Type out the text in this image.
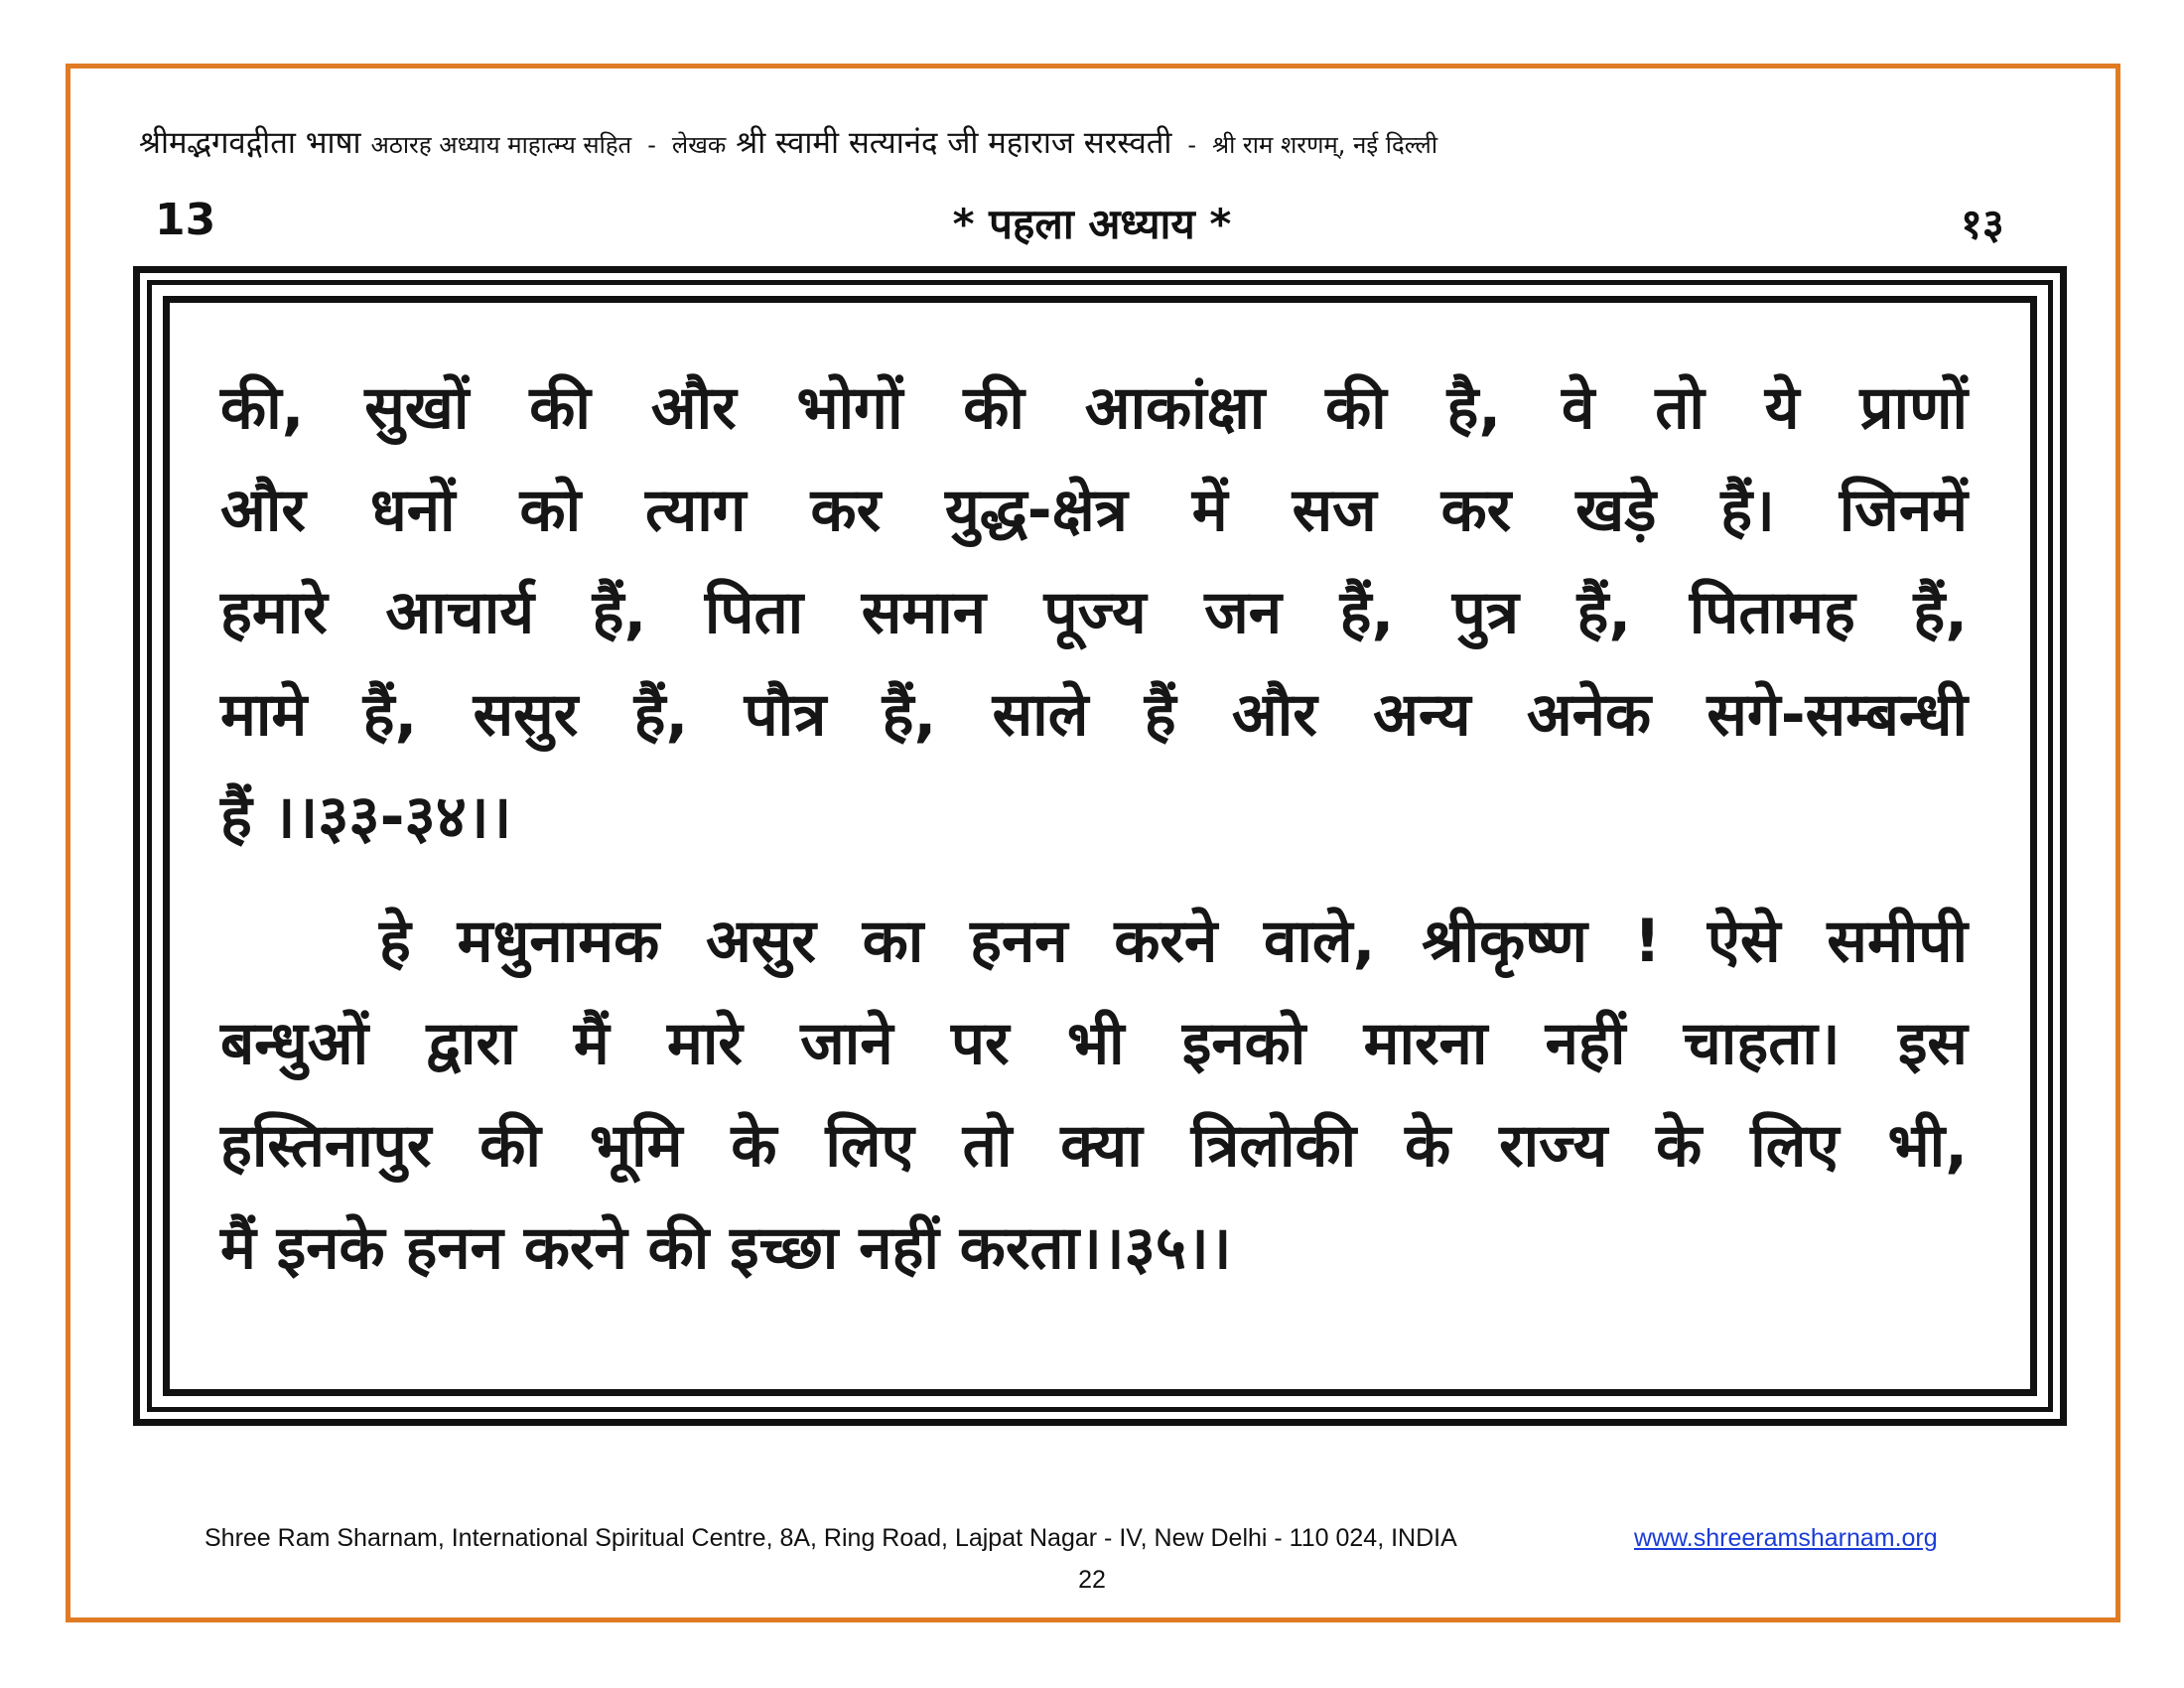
श्रीमद्भगवद्गीता भाषा अठारह अध्याय माहात्म्य सहित - लेखक श्री स्वामी सत्यानंद जी महाराज सरस्वती - श्री राम शरणम्, नई दिल्ली
13	* पहला अध्याय *	१३
की, सुखों की और भोगों की आकांक्षा की है, वे तो ये प्राणों
और धनों को त्याग कर युद्ध-क्षेत्र में सज कर खड़े हैं। जिनमें
हमारे आचार्य हैं, पिता समान पूज्य जन हैं, पुत्र हैं, पितामह हैं,
मामे हैं, ससुर हैं, पौत्र हैं, साले हैं और अन्य अनेक सगे-सम्बन्धी
हैं ।।३३-३४।।
हे मधुनामक असुर का हनन करने वाले, श्रीकृष्ण ! ऐसे समीपी
बन्धुओं द्वारा मैं मारे जाने पर भी इनको मारना नहीं चाहता। इस
हस्तिनापुर की भूमि के लिए तो क्या त्रिलोकी के राज्य के लिए भी,
मैं इनके हनन करने की इच्छा नहीं करता।।३५।।
Shree Ram Sharnam, International Spiritual Centre, 8A, Ring Road, Lajpat Nagar - IV, New Delhi - 110 024, INDIA	www.shreeramsharnam.org
22
